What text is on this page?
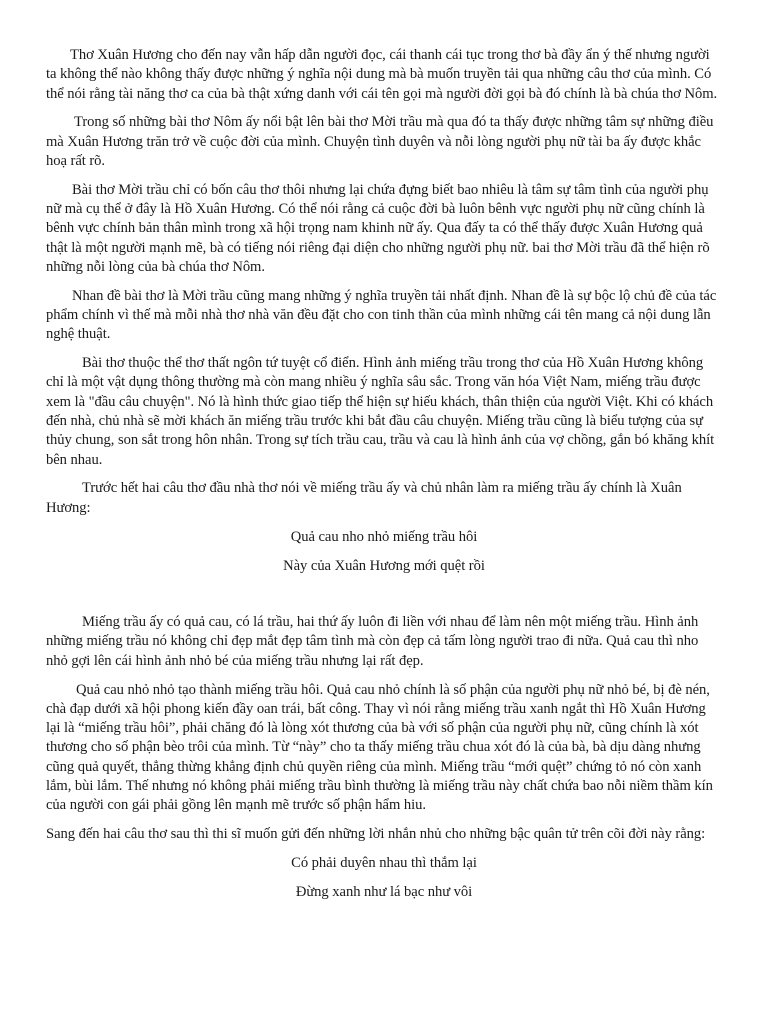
Thơ Xuân Hương cho đến nay vẫn hấp dẫn người đọc, cái thanh cái tục trong thơ bà đầy ẩn ý thế nhưng người ta không thể nào không thấy được những ý nghĩa nội dung mà bà muốn truyền tải qua những câu thơ của mình. Có thể nói rằng tài năng thơ ca của bà thật xứng danh với cái tên gọi mà người đời gọi bà đó chính là bà chúa thơ Nôm.

Trong số những bài thơ Nôm ấy nổi bật lên bài thơ Mời trầu mà qua đó ta thấy được những tâm sự những điều mà Xuân Hương trăn trở về cuộc đời của mình. Chuyện tình duyên và nỗi lòng người phụ nữ tài ba ấy được khắc hoạ rất rõ.

Bài thơ Mời trầu chỉ có bốn câu thơ thôi nhưng lại chứa đựng biết bao nhiêu là tâm sự tâm tình của người phụ nữ mà cụ thể ở đây là Hồ Xuân Hương. Có thể nói rằng cả cuộc đời bà luôn bênh vực người phụ nữ cũng chính là bênh vực chính bản thân mình trong xã hội trọng nam khinh nữ ấy. Qua đấy ta có thể thấy được Xuân Hương quả thật là một người mạnh mẽ, bà có tiếng nói riêng đại diện cho những người phụ nữ. bai thơ Mời trầu đã thể hiện rõ những nỗi lòng của bà chúa thơ Nôm.

Nhan đề bài thơ là Mời trầu cũng mang những ý nghĩa truyền tải nhất định. Nhan đề là sự bộc lộ chủ đề của tác phẩm chính vì thế mà mỗi nhà thơ nhà văn đều đặt cho con tinh thần của mình những cái tên mang cả nội dung lẫn nghệ thuật.

Bài thơ thuộc thể thơ thất ngôn tứ tuyệt cổ điển. Hình ảnh miếng trầu trong thơ của Hồ Xuân Hương không chỉ là một vật dụng thông thường mà còn mang nhiều ý nghĩa sâu sắc. Trong văn hóa Việt Nam, miếng trầu được xem là "đầu câu chuyện". Nó là hình thức giao tiếp thể hiện sự hiếu khách, thân thiện của người Việt. Khi có khách đến nhà, chủ nhà sẽ mời khách ăn miếng trầu trước khi bắt đầu câu chuyện. Miếng trầu cũng là biểu tượng của sự thủy chung, son sắt trong hôn nhân. Trong sự tích trầu cau, trầu và cau là hình ảnh của vợ chồng, gắn bó khăng khít bên nhau.

Trước hết hai câu thơ đầu nhà thơ nói về miếng trầu ấy và chủ nhân làm ra miếng trầu ấy chính là Xuân Hương:

Quả cau nho nhỏ miếng trầu hôi

Này của Xuân Hương mới quệt rồi

Miếng trầu ấy có quả cau, có lá trầu, hai thứ ấy luôn đi liền với nhau để làm nên một miếng trầu. Hình ảnh những miếng trầu nó không chỉ đẹp mắt đẹp tâm tình mà còn đẹp cả tấm lòng người trao đi nữa. Quả cau thì nho nhỏ gợi lên cái hình ảnh nhỏ bé của miếng trầu nhưng lại rất đẹp.

Quả cau nhỏ nhỏ tạo thành miếng trầu hôi. Quả cau nhỏ chính là số phận của người phụ nữ nhỏ bé, bị đè nén, chà đạp dưới xã hội phong kiến đầy oan trái, bất công. Thay vì nói rằng miếng trầu xanh ngắt thì Hồ Xuân Hương lại là “miếng trầu hôi”, phải chăng đó là lòng xót thương của bà với số phận của người phụ nữ, cũng chính là xót thương cho số phận bèo trôi của mình. Từ “này” cho ta thấy miếng trầu chua xót đó là của bà, bà dịu dàng nhưng cũng quả quyết, thẳng thừng khẳng định chủ quyền riêng của mình. Miếng trầu “mới quệt” chứng tỏ nó còn xanh lắm, bùi lắm. Thế nhưng nó không phải miếng trầu bình thường là miếng trầu này chất chứa bao nỗi niềm thầm kín của người con gái phải gồng lên mạnh mẽ trước số phận hẩm hiu.

Sang đến hai câu thơ sau thì thi sĩ muốn gửi đến những lời nhắn nhủ cho những bậc quân tử trên cõi đời này rằng:

Có phải duyên nhau thì thắm lại

Đừng xanh như lá bạc như vôi
